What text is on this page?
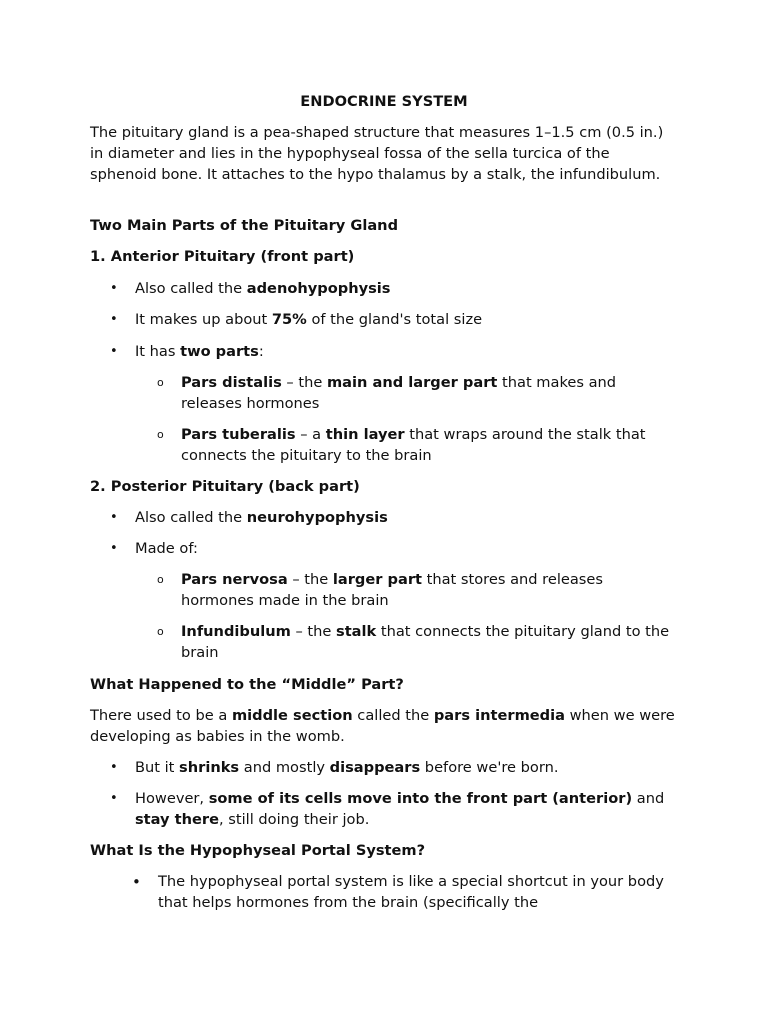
ENDOCRINE SYSTEM

The pituitary gland is a pea-shaped structure that measures 1–1.5 cm (0.5 in.) in diameter and lies in the hypophyseal fossa of the sella turcica of the sphenoid bone. It attaches to the hypo thalamus by a stalk, the infundibulum.

Two Main Parts of the Pituitary Gland

1. Anterior Pituitary (front part)

• Also called the adenohypophysis

• It makes up about 75% of the gland's total size

• It has two parts:

o Pars distalis – the main and larger part that makes and releases hormones

o Pars tuberalis – a thin layer that wraps around the stalk that connects the pituitary to the brain

2. Posterior Pituitary (back part)

• Also called the neurohypophysis

• Made of:

o Pars nervosa – the larger part that stores and releases hormones made in the brain

o Infundibulum – the stalk that connects the pituitary gland to the brain

What Happened to the “Middle” Part?

There used to be a middle section called the pars intermedia when we were developing as babies in the womb.

• But it shrinks and mostly disappears before we're born.

• However, some of its cells move into the front part (anterior) and stay there, still doing their job.

What Is the Hypophyseal Portal System?

• The hypophyseal portal system is like a special shortcut in your body that helps hormones from the brain (specifically the
